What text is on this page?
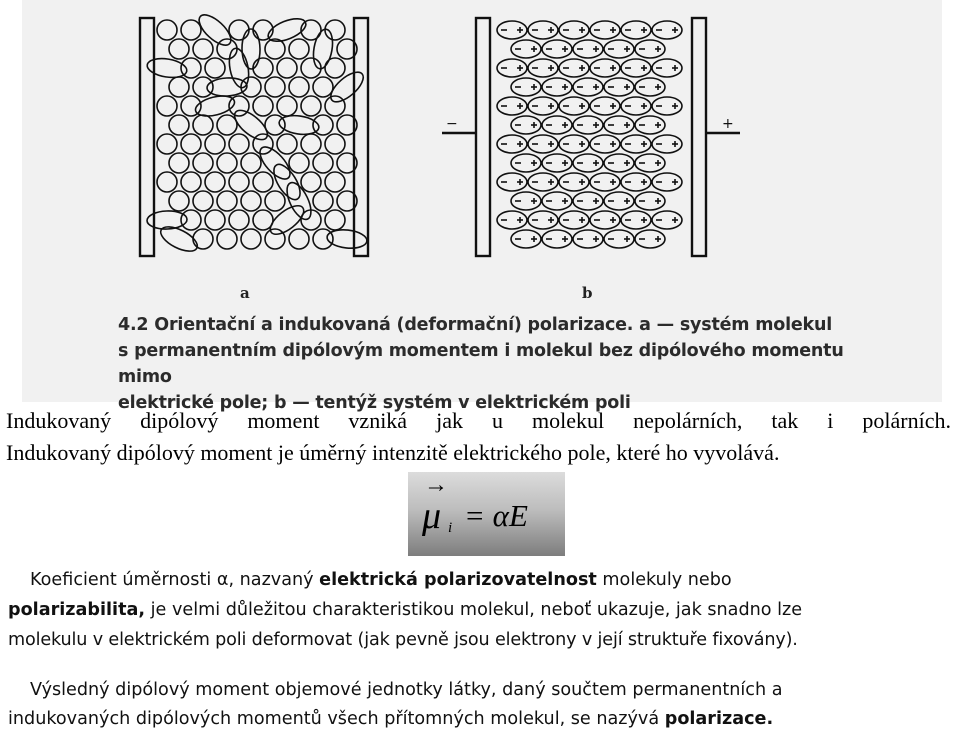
−	+
a	b
4.2 Orientační a indukovaná (deformační) polarizace. a — systém molekul
s permanentním dipólovým momentem i molekul bez dipólového momentu mimo
elektrické pole; b — tentýž systém v elektrickém poli
Indukovaný dipólový moment vzniká jak u molekul nepolárních, tak i polárních.
Indukovaný dipólový moment je úměrný intenzitě elektrického pole, které ho vyvolává.
→
μ i = αE
Koeficient úměrnosti α, nazvaný elektrická polarizovatelnost molekuly nebo
polarizabilita, je velmi důležitou charakteristikou molekul, neboť ukazuje, jak snadno lze
molekulu v elektrickém poli deformovat (jak pevně jsou elektrony v její struktuře fixovány).
Výsledný dipólový moment objemové jednotky látky, daný součtem permanentních a
indukovaných dipólových momentů všech přítomných molekul, se nazývá polarizace.
